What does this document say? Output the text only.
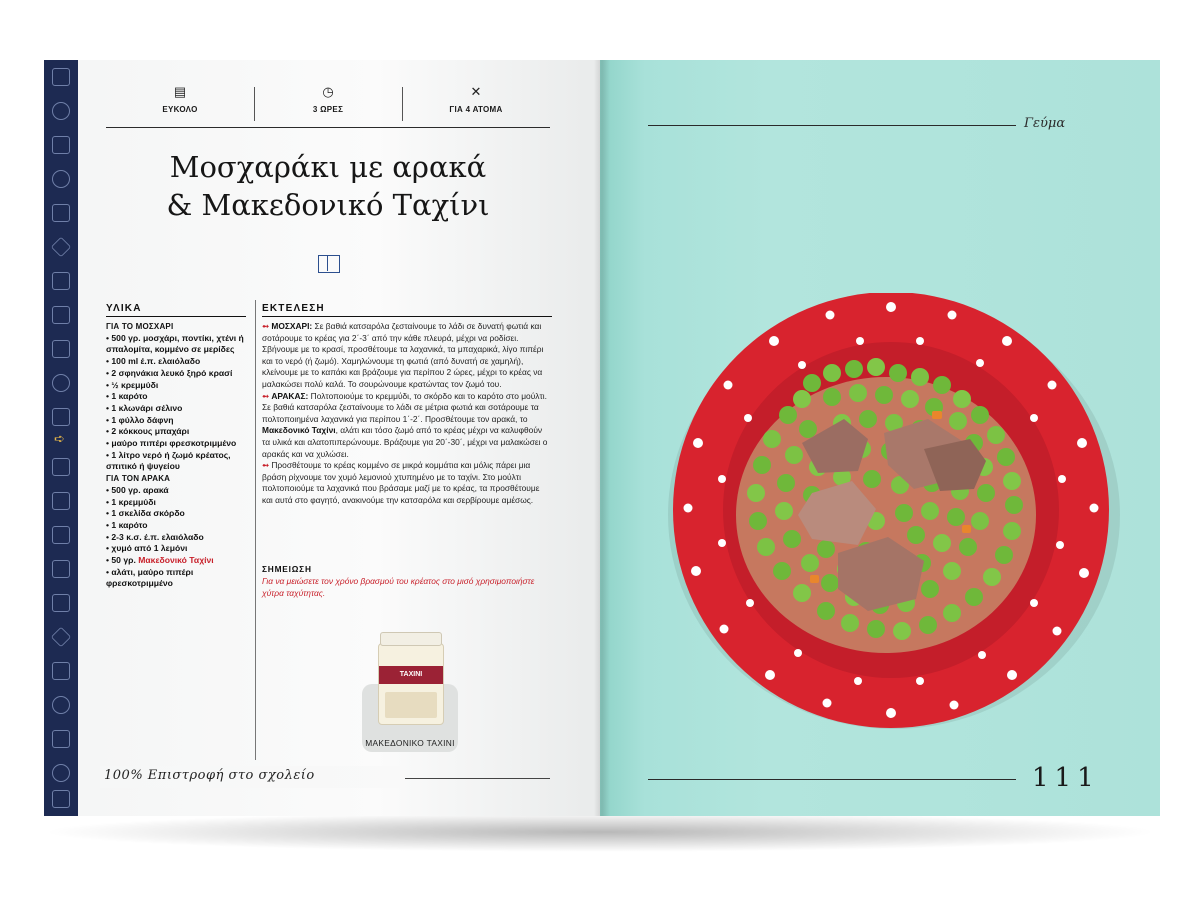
➪
▤
ΕΥΚΟΛΟ
◷
3 ΩΡΕΣ
✕
ΓΙΑ 4 ΑΤΟΜΑ
Μοσχαράκι με αρακά
& Μακεδονικό Ταχίνι
ΥΛΙΚΑ
ΓΙΑ ΤΟ ΜΟΣΧΑΡΙ
• 500 γρ. μοσχάρι, ποντίκι, χτένι ή σπαλομίτα, κομμένο σε μερίδες
• 100 ml έ.π. ελαιόλαδο
• 2 σφηνάκια λευκό ξηρό κρασί
• ½ κρεμμύδι
• 1 καρότο
• 1 κλωνάρι σέλινο
• 1 φύλλο δάφνη
• 2 κόκκους μπαχάρι
• μαύρο πιπέρι φρεσκοτριμμένο
• 1 λίτρο νερό ή ζωμό κρέατος, σπιτικό ή ψυγείου
ΓΙΑ ΤΟΝ ΑΡΑΚΑ
• 500 γρ. αρακά
• 1 κρεμμύδι
• 1 σκελίδα σκόρδο
• 1 καρότο
• 2-3 κ.σ. έ.π. ελαιόλαδο
• χυμό από 1 λεμόνι
• 50 γρ. Μακεδονικό Ταχίνι
• αλάτι, μαύρο πιπέρι φρεσκοτριμμένο
ΕΚΤΕΛΕΣΗ

➻ ΜΟΣΧΑΡΙ: Σε βαθιά κατσαρόλα ζεσταίνουμε το λάδι σε δυνατή φωτιά και σοτάρουμε το κρέας για 2΄-3΄ από την κάθε πλευρά, μέχρι να ροδίσει. Σβήνουμε με το κρασί, προσθέτουμε τα λαχανικά, τα μπαχαρικά, λίγο πιπέρι και το νερό (ή ζωμό). Χαμηλώνουμε τη φωτιά (από δυνατή σε χαμηλή), κλείνουμε με το καπάκι και βράζουμε για περίπου 2 ώρες, μέχρι το κρέας να μαλακώσει πολύ καλά. Το σουρώνουμε κρατώντας τον ζωμό του.

➻ ΑΡΑΚΑΣ: Πολτοποιούμε το κρεμμύδι, το σκόρδο και το καρότο στο μούλτι. Σε βαθιά κατσαρόλα ζεσταίνουμε το λάδι σε μέτρια φωτιά και σοτάρουμε τα πολτοποιημένα λαχανικά για περίπου 1΄-2΄. Προσθέτουμε τον αρακά, το Μακεδονικό Ταχίνι, αλάτι και τόσο ζωμό από το κρέας μέχρι να καλυφθούν τα υλικά και αλατοπιπερώνουμε. Βράζουμε για 20΄-30΄, μέχρι να μαλακώσει ο αρακάς και να χυλώσει.

➻ Προσθέτουμε το κρέας κομμένο σε μικρά κομμάτια και μόλις πάρει μια βράση ρίχνουμε τον χυμό λεμονιού χτυπημένο με το ταχίνι. Στο μούλτι πολτοποιούμε τα λαχανικά που βράσαμε μαζί με το κρέας, τα προσθέτουμε και αυτά στο φαγητό, ανακινούμε την κατσαρόλα και σερβίρουμε αμέσως.

ΣΗΜΕΙΩΣΗ
Για να μειώσετε τον χρόνο βρασμού του κρέατος στο μισό χρησιμοποιήστε χύτρα ταχύτητας.
ΤΑΧΙΝΙ
ΜΑΚΕΔΟΝΙΚΟ ΤΑΧΙΝΙ
100% Επιστροφή στο σχολείο
Γεύμα
111
